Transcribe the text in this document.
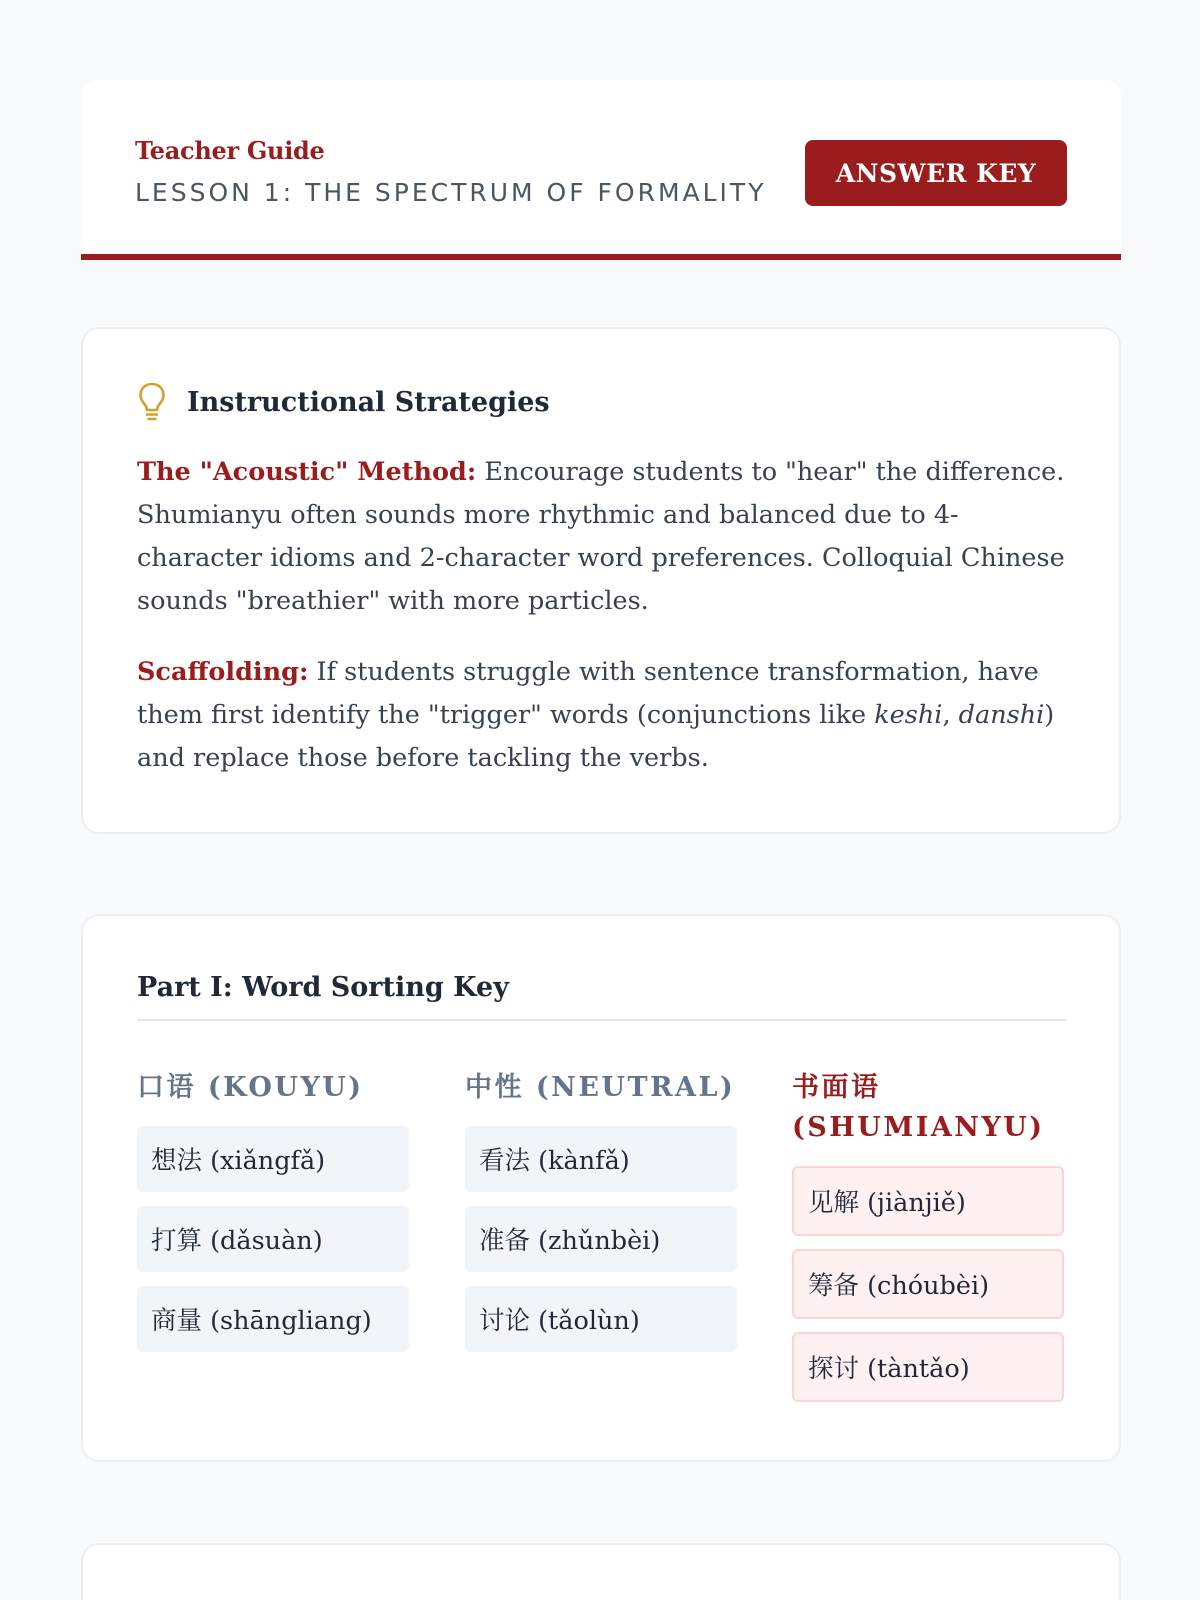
Teacher Guide
LESSON 1: THE SPECTRUM OF FORMALITY
ANSWER KEY
Instructional Strategies

The "Acoustic" Method: Encourage students to "hear" the difference. Shumianyu often sounds more rhythmic and balanced due to 4-character idioms and 2-character word preferences. Colloquial Chinese sounds "breathier" with more particles.

Scaffolding: If students struggle with sentence transformation, have them first identify the "trigger" words (conjunctions like keshi, danshi) and replace those before tackling the verbs.

Part I: Word Sorting Key
口语 (KOUYU)
想法 (xiǎngfǎ)
打算 (dǎsuàn)
商量 (shāngliang)
中性 (NEUTRAL)
看法 (kànfǎ)
准备 (zhǔnbèi)
讨论 (tǎolùn)
书面语 (SHUMIANYU)
见解 (jiànjiě)
筹备 (chóubèi)
探讨 (tàntǎo)
